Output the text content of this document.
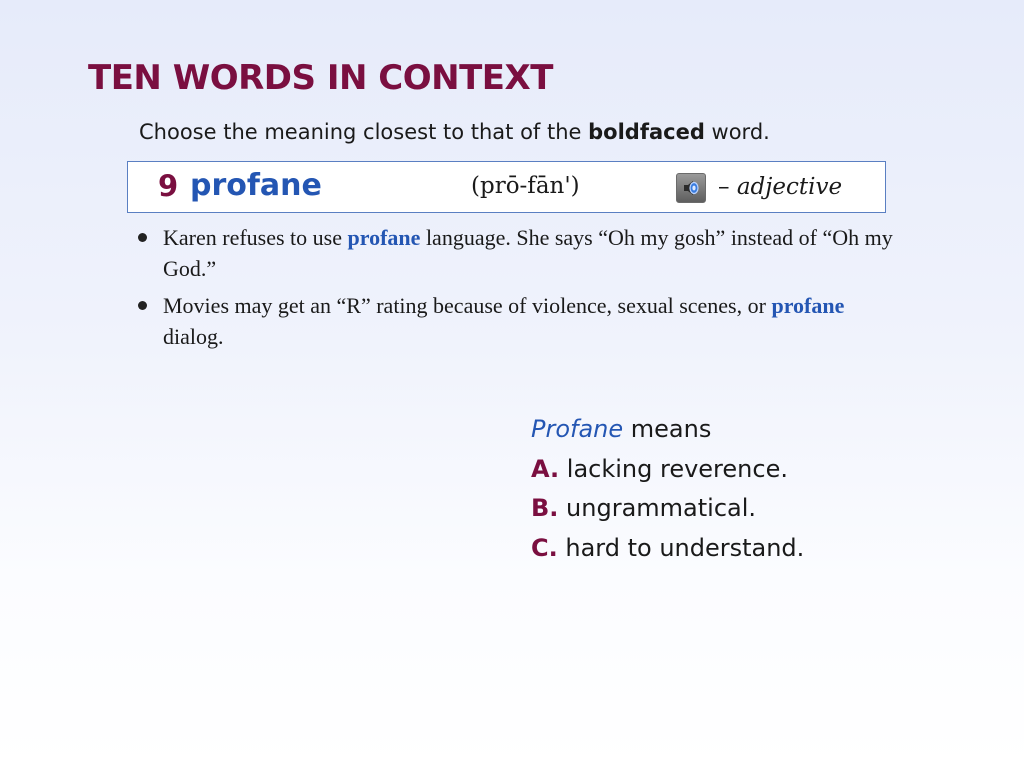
TEN WORDS IN CONTEXT
Choose the meaning closest to that of the boldfaced word.
9 profane	(prō-fān')	– adjective
Karen refuses to use profane language. She says “Oh my gosh” instead of “Oh my God.”
Movies may get an “R” rating because of violence, sexual scenes, or profane dialog.
Profane means
A. lacking reverence.
B. ungrammatical.
C. hard to understand.
